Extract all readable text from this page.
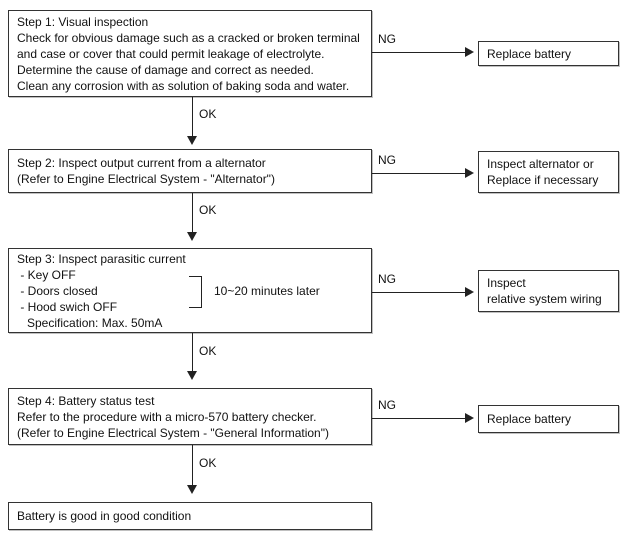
Step 1: Visual inspection
Check for obvious damage such as a cracked or broken terminal
and case or cover that could permit leakage of electrolyte.
Determine the cause of damage and correct as needed.
Clean any corrosion with as solution of baking soda and water.
Step 2: Inspect output current from a alternator
(Refer to Engine Electrical System - "Alternator")
Step 3: Inspect parasitic current
- Key OFF
- Doors closed
- Hood swich OFF
Specification: Max. 50mA
10~20 minutes later
Step 4: Battery status test
Refer to the procedure with a micro-570 battery checker.
(Refer to Engine Electrical System - "General Information")
Battery is good in good condition
Replace battery
Inspect alternator or
Replace if necessary
Inspect
relative system wiring
Replace battery
OK
OK
OK
OK
NG
NG
NG
NG
